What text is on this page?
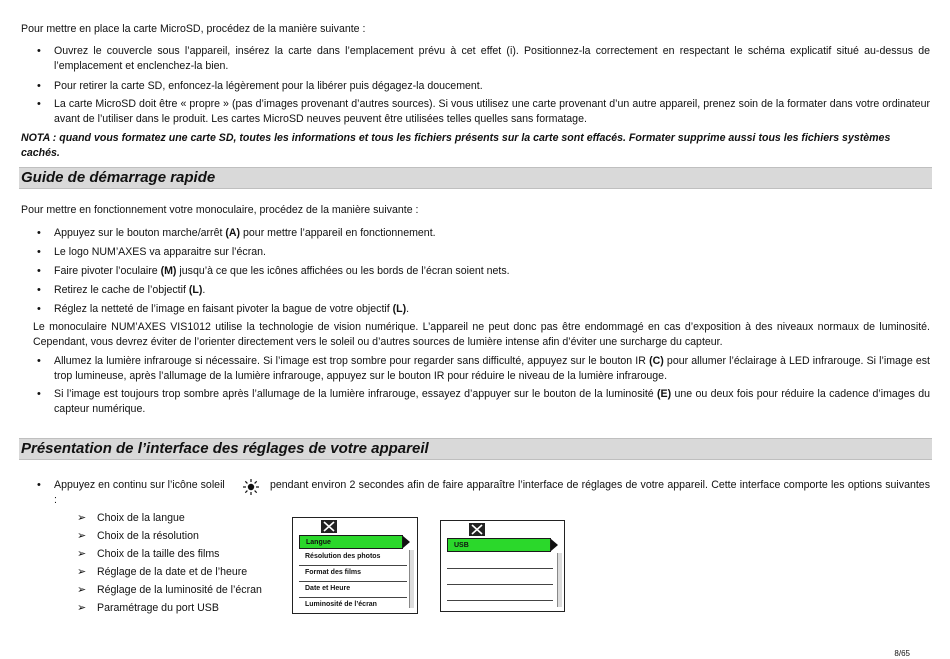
Pour mettre en place la carte MicroSD, procédez de la manière suivante :
• Ouvrez le couvercle sous l’appareil, insérez la carte dans l’emplacement prévu à cet effet (i). Positionnez-la correctement en respectant le schéma explicatif situé au-dessus de l’emplacement et enclenchez-la bien.
• Pour retirer la carte SD, enfoncez-la légèrement pour la libérer puis dégagez-la doucement.
• La carte MicroSD doit être « propre » (pas d’images provenant d’autres sources). Si vous utilisez une carte provenant d’un autre appareil, prenez soin de la formater dans votre ordinateur avant de l’utiliser dans le produit. Les cartes MicroSD neuves peuvent être utilisées telles quelles sans formatage.
NOTA : quand vous formatez une carte SD, toutes les informations et tous les fichiers présents sur la carte sont effacés. Formater supprime aussi tous les fichiers systèmes cachés.
Guide de démarrage rapide
Pour mettre en fonctionnement votre monoculaire, procédez de la manière suivante :
• Appuyez sur le bouton marche/arrêt (A) pour mettre l’appareil en fonctionnement.
• Le logo NUM’AXES va apparaitre sur l’écran.
• Faire pivoter l’oculaire (M) jusqu’à ce que les icônes affichées ou les bords de l’écran soient nets.
• Retirez le cache de l’objectif (L).
• Réglez la netteté de l’image en faisant pivoter la bague de votre objectif (L).
Le monoculaire NUM’AXES VIS1012 utilise la technologie de vision numérique. L’appareil ne peut donc pas être endommagé en cas d’exposition à des niveaux normaux de luminosité. Cependant, vous devrez éviter de l’orienter directement vers le soleil ou d’autres sources de lumière intense afin d’éviter une surcharge du capteur.
• Allumez la lumière infrarouge si nécessaire. Si l’image est trop sombre pour regarder sans difficulté, appuyez sur le bouton IR (C) pour allumer l’éclairage à LED infrarouge. Si l’image est trop lumineuse, après l’allumage de la lumière infrarouge, appuyez sur le bouton IR pour réduire le niveau de la lumière infrarouge.
• Si l’image est toujours trop sombre après l’allumage de la lumière infrarouge, essayez d’appuyer sur le bouton de la luminosité (E) une ou deux fois pour réduire la cadence d’images du capteur numérique.
Présentation de l’interface des réglages de votre appareil
• Appuyez en continu sur l’icône soleil	pendant environ 2 secondes afin de faire apparaître l’interface de réglages de votre appareil. Cette interface comporte les options suivantes :
➢ Choix de la langue
➢ Choix de la résolution
➢ Choix de la taille des films
➢ Réglage de la date et de l’heure
➢ Réglage de la luminosité de l’écran
➢ Paramétrage du port USB
Langue
Résolution des photos
Format des films
Date et Heure
Luminosité de l’écran
USB
8/65
